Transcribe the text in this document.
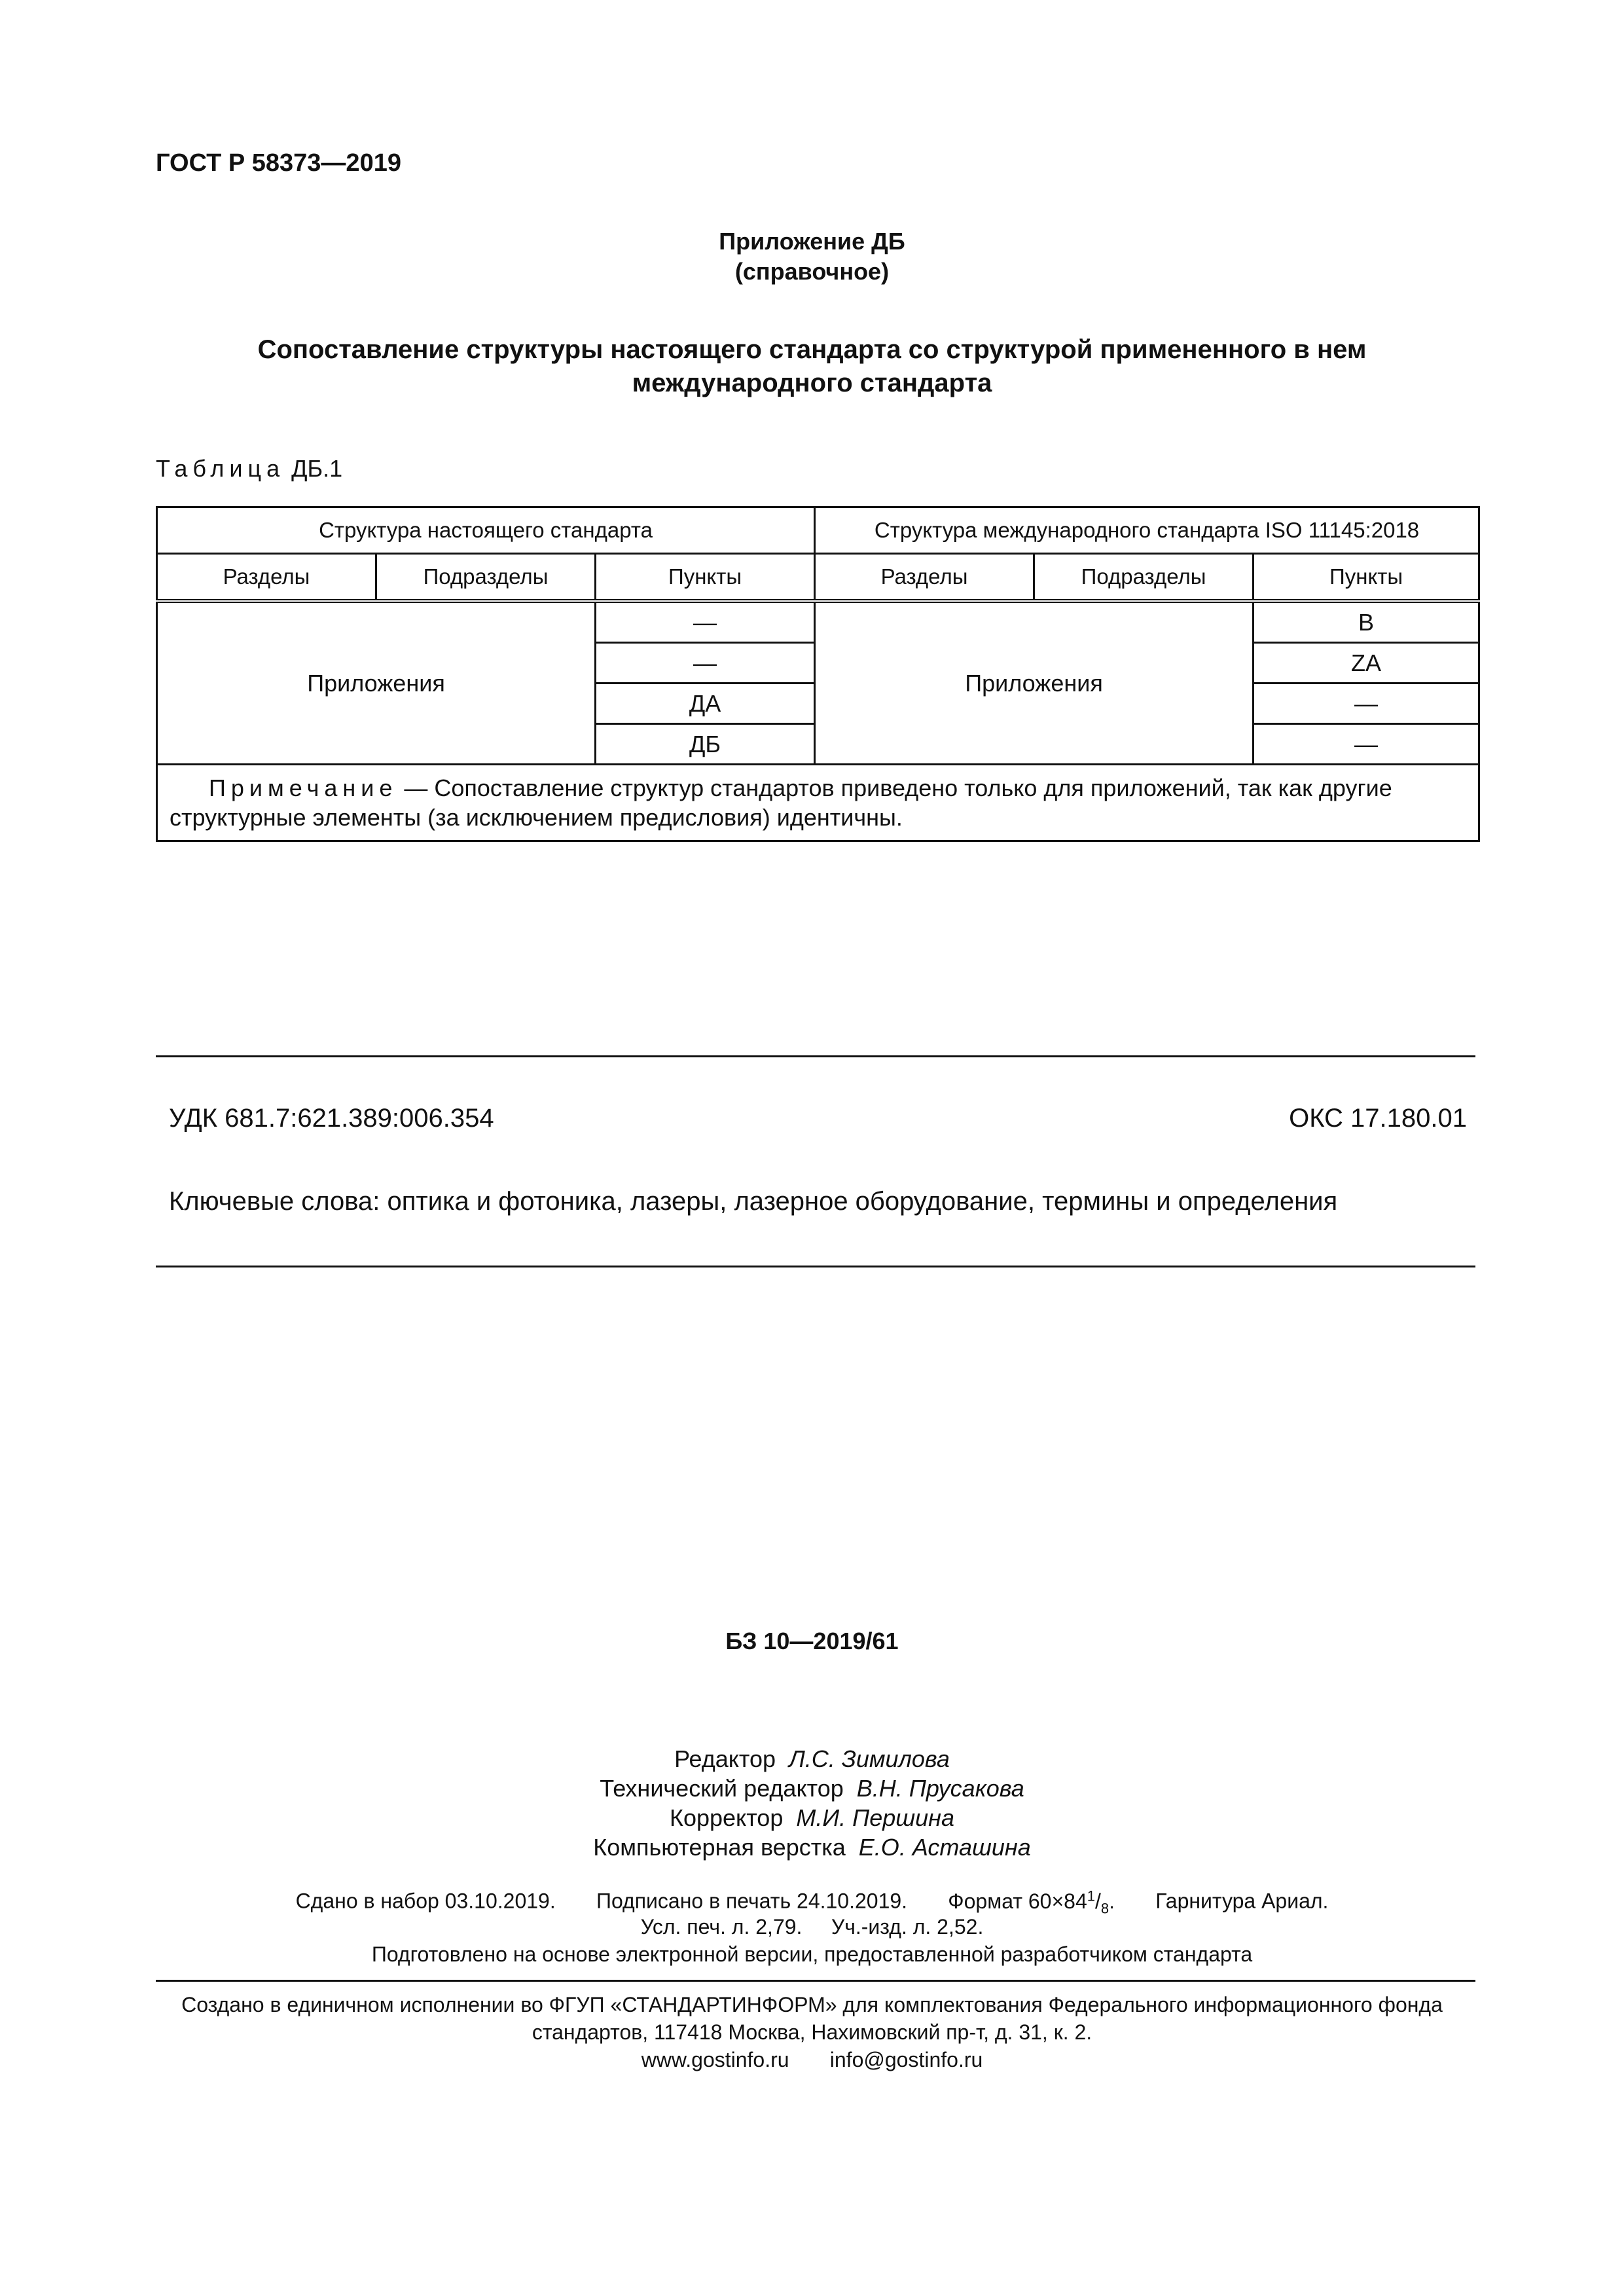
ГОСТ Р 58373—2019
Приложение ДБ
(справочное)
Сопоставление структуры настоящего стандарта со структурой примененного в нем
международного стандарта
Таблица ДБ.1
Структура настоящего стандарта			Структура международного стандарта ISO 11145:2018		
Разделы	Подразделы	Пункты	Разделы	Подразделы	Пункты
Приложения		—	Приложения		B
		—			ZA
		ДА			—
		ДБ			—
Примечание — Сопоставление структур стандартов приведено только для приложений, так как другие структурные элементы (за исключением предисловия) идентичны.					
УДК 681.7:621.389:006.354	ОКС 17.180.01
Ключевые слова: оптика и фотоника, лазеры, лазерное оборудование, термины и определения
БЗ 10—2019/61
Редактор Л.С. Зимилова
Технический редактор В.Н. Прусакова
Корректор М.И. Першина
Компьютерная верстка Е.О. Асташина
Сдано в набор 03.10.2019. Подписано в печать 24.10.2019. Формат $60\times 84^1/_8$. Гарнитура Ариал.
Усл. печ. л. 2,79. Уч.-изд. л. 2,52.
Подготовлено на основе электронной версии, предоставленной разработчиком стандарта
Создано в единичном исполнении во ФГУП «СТАНДАРТИНФОРМ» для комплектования Федерального информационного фонда
стандартов, 117418 Москва, Нахимовский пр-т, д. 31, к. 2.
www.gostinfo.ru info@gostinfo.ru
